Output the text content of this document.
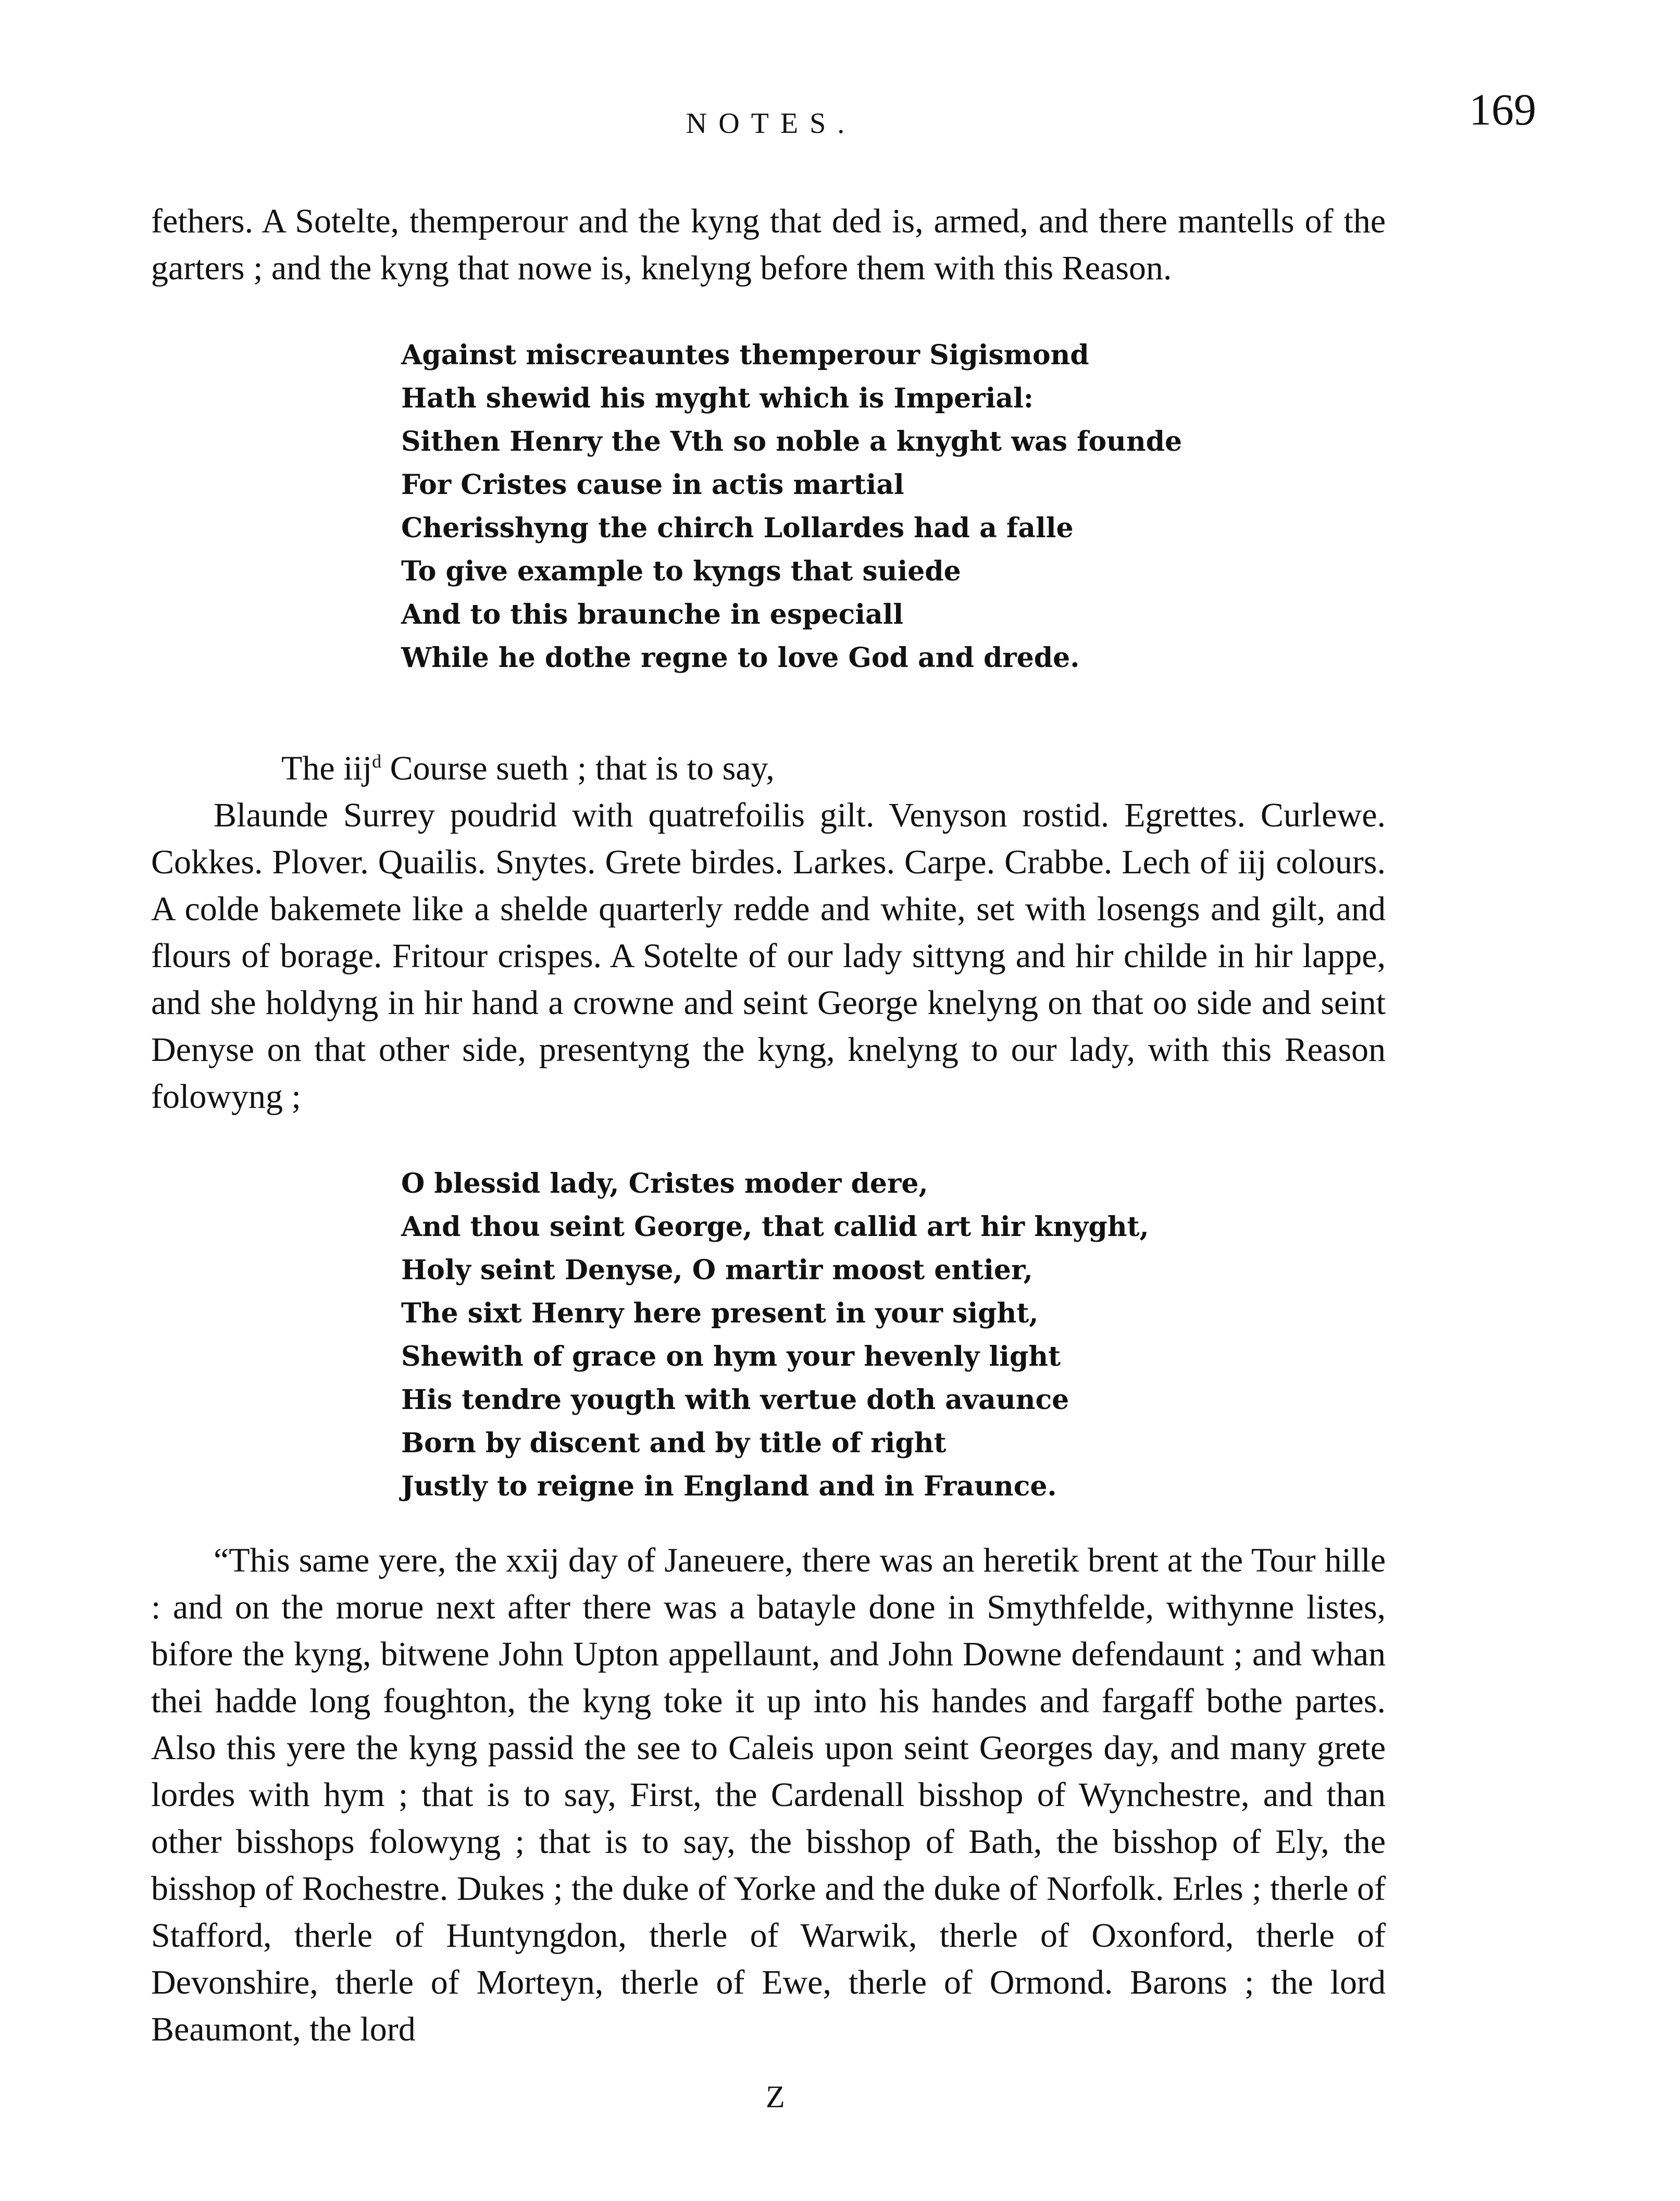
NOTES.	169

fethers. A Sotelte, themperour and the kyng that ded is, armed, and there mantells of the garters ; and the kyng that nowe is, knelyng before them with this Reason.

Against miscreauntes themperour Sigismond
Hath shewid his myght which is Imperial:
Sithen Henry the Vth so noble a knyght was founde
For Cristes cause in actis martial
Cherisshyng the chirch Lollardes had a falle
To give example to kyngs that suiede
And to this braunche in especiall
While he dothe regne to love God and drede.

The iij$^d$ Course sueth ; that is to say,

Blaunde Surrey poudrid with quatrefoilis gilt. Venyson rostid. Egrettes. Curlewe. Cokkes. Plover. Quailis. Snytes. Grete birdes. Larkes. Carpe. Crabbe. Lech of iij colours. A colde bakemete like a shelde quarterly redde and white, set with losengs and gilt, and flours of borage. Fritour crispes. A Sotelte of our lady sittyng and hir childe in hir lappe, and she holdyng in hir hand a crowne and seint George knelyng on that oo side and seint Denyse on that other side, presentyng the kyng, knelyng to our lady, with this Reason folowyng ;

O blessid lady, Cristes moder dere,
And thou seint George, that callid art hir knyght,
Holy seint Denyse, O martir moost entier,
The sixt Henry here present in your sight,
Shewith of grace on hym your hevenly light
His tendre yougth with vertue doth avaunce
Born by discent and by title of right
Justly to reigne in England and in Fraunce.

“This same yere, the xxij day of Janeuere, there was an heretik brent at the Tour hille : and on the morue next after there was a batayle done in Smythfelde, withynne listes, bifore the kyng, bitwene John Upton appellaunt, and John Downe defendaunt ; and whan thei hadde long foughton, the kyng toke it up into his handes and fargaff bothe partes. Also this yere the kyng passid the see to Caleis upon seint Georges day, and many grete lordes with hym ; that is to say, First, the Cardenall bisshop of Wynchestre, and than other bisshops folowyng ; that is to say, the bisshop of Bath, the bisshop of Ely, the bisshop of Rochestre. Dukes ; the duke of Yorke and the duke of Norfolk. Erles ; therle of Stafford, therle of Huntyngdon, therle of Warwik, therle of Oxonford, therle of Devonshire, therle of Morteyn, therle of Ewe, therle of Ormond. Barons ; the lord Beaumont, the lord

Z
